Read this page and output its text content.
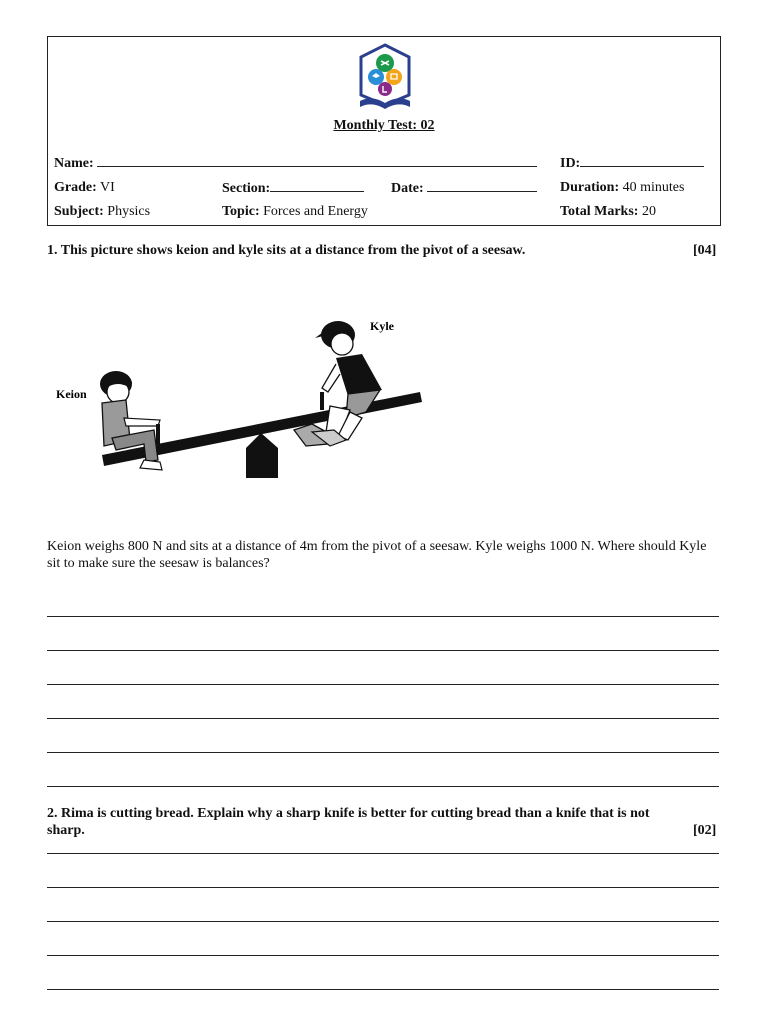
Monthly Test: 02
Name:	ID:
Grade: VI	Section:	Date:	Duration: 40 minutes
Subject: Physics	Topic: Forces and Energy	Total Marks: 20
1. This picture shows keion and kyle sits at a distance from the pivot of a seesaw.	[04]
Keion
Kyle
Keion weighs 800 N and sits at a distance of 4m from the pivot of a seesaw. Kyle weighs 1000 N. Where should Kyle sit to make sure the seesaw is balances?
2. Rima is cutting bread. Explain why a sharp knife is better for cutting bread than a knife that is not
sharp.	[02]
